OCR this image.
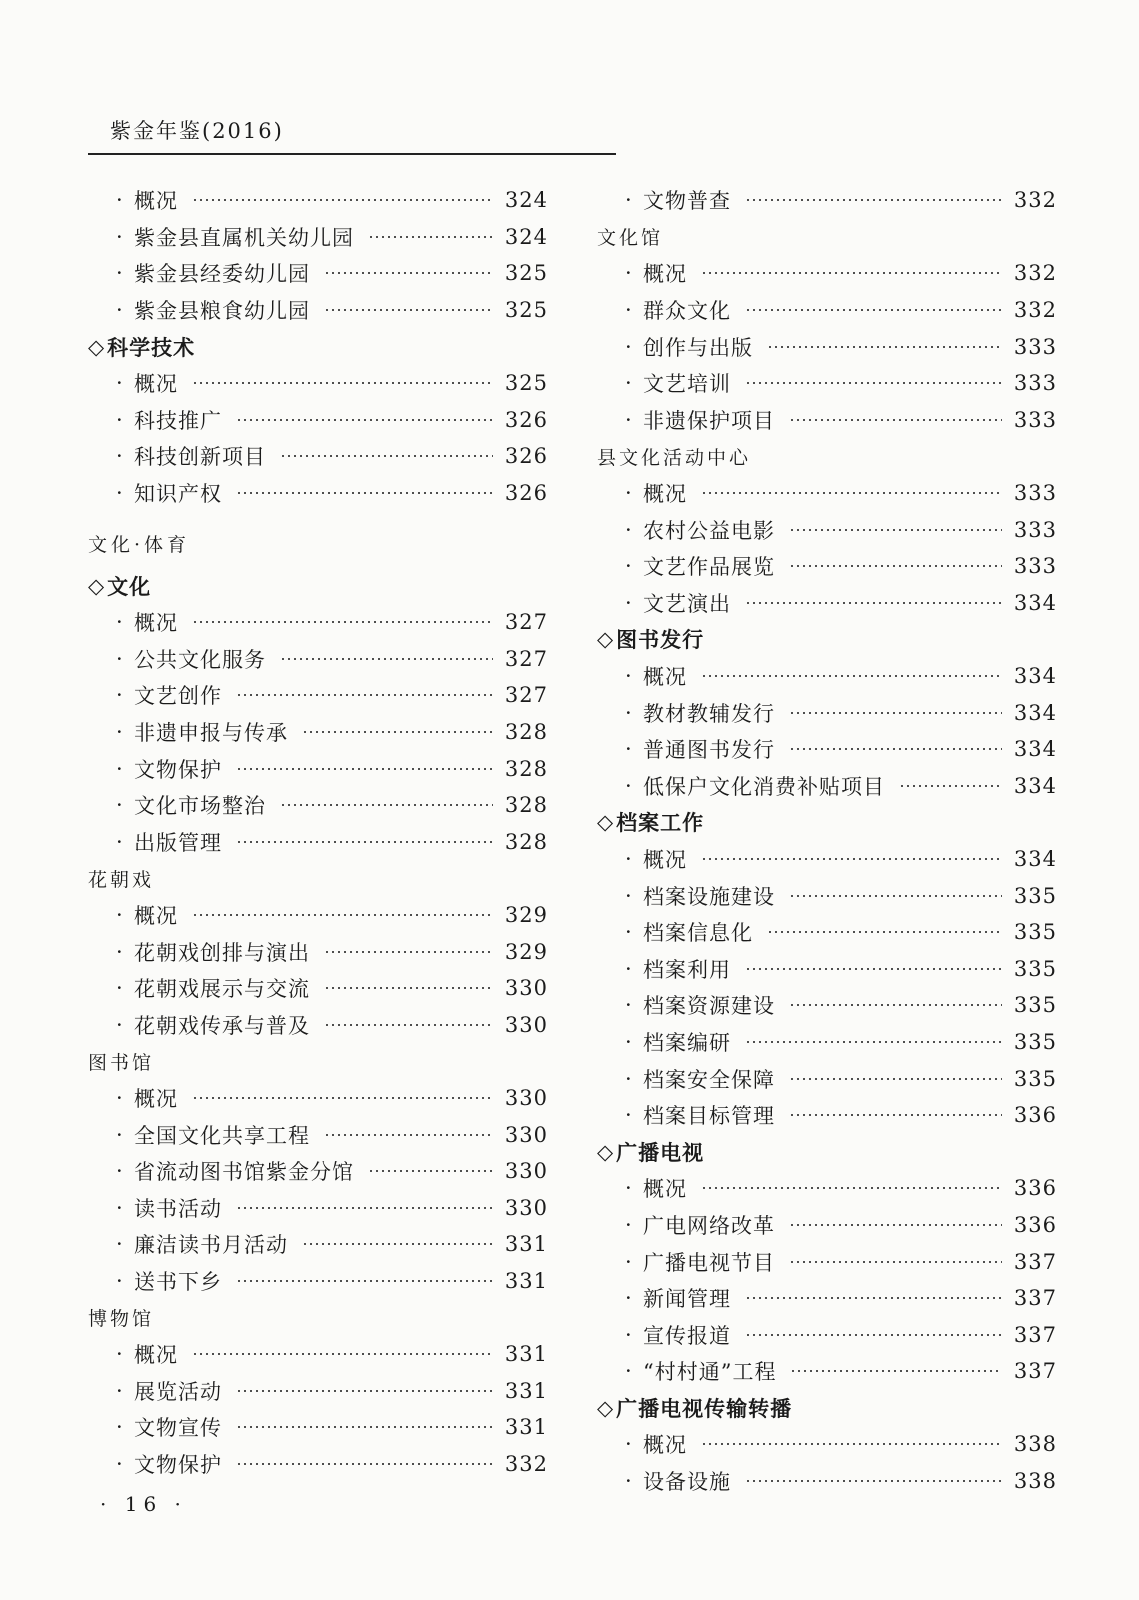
紫金年鉴(2016)
· 概况	324
· 紫金县直属机关幼儿园	324
· 紫金县经委幼儿园	325
· 紫金县粮食幼儿园	325
◇ 科学技术
· 概况	325
· 科技推广	326
· 科技创新项目	326
· 知识产权	326
文化·体育
◇ 文化
· 概况	327
· 公共文化服务	327
· 文艺创作	327
· 非遗申报与传承	328
· 文物保护	328
· 文化市场整治	328
· 出版管理	328
花朝戏
· 概况	329
· 花朝戏创排与演出	329
· 花朝戏展示与交流	330
· 花朝戏传承与普及	330
图书馆
· 概况	330
· 全国文化共享工程	330
· 省流动图书馆紫金分馆	330
· 读书活动	330
· 廉洁读书月活动	331
· 送书下乡	331
博物馆
· 概况	331
· 展览活动	331
· 文物宣传	331
· 文物保护	332
· 文物普查	332
文化馆
· 概况	332
· 群众文化	332
· 创作与出版	333
· 文艺培训	333
· 非遗保护项目	333
县文化活动中心
· 概况	333
· 农村公益电影	333
· 文艺作品展览	333
· 文艺演出	334
◇ 图书发行
· 概况	334
· 教材教辅发行	334
· 普通图书发行	334
· 低保户文化消费补贴项目	334
◇ 档案工作
· 概况	334
· 档案设施建设	335
· 档案信息化	335
· 档案利用	335
· 档案资源建设	335
· 档案编研	335
· 档案安全保障	335
· 档案目标管理	336
◇ 广播电视
· 概况	336
· 广电网络改革	336
· 广播电视节目	337
· 新闻管理	337
· 宣传报道	337
· “村村通”工程	337
◇ 广播电视传输转播
· 概况	338
· 设备设施	338
· 16 ·
